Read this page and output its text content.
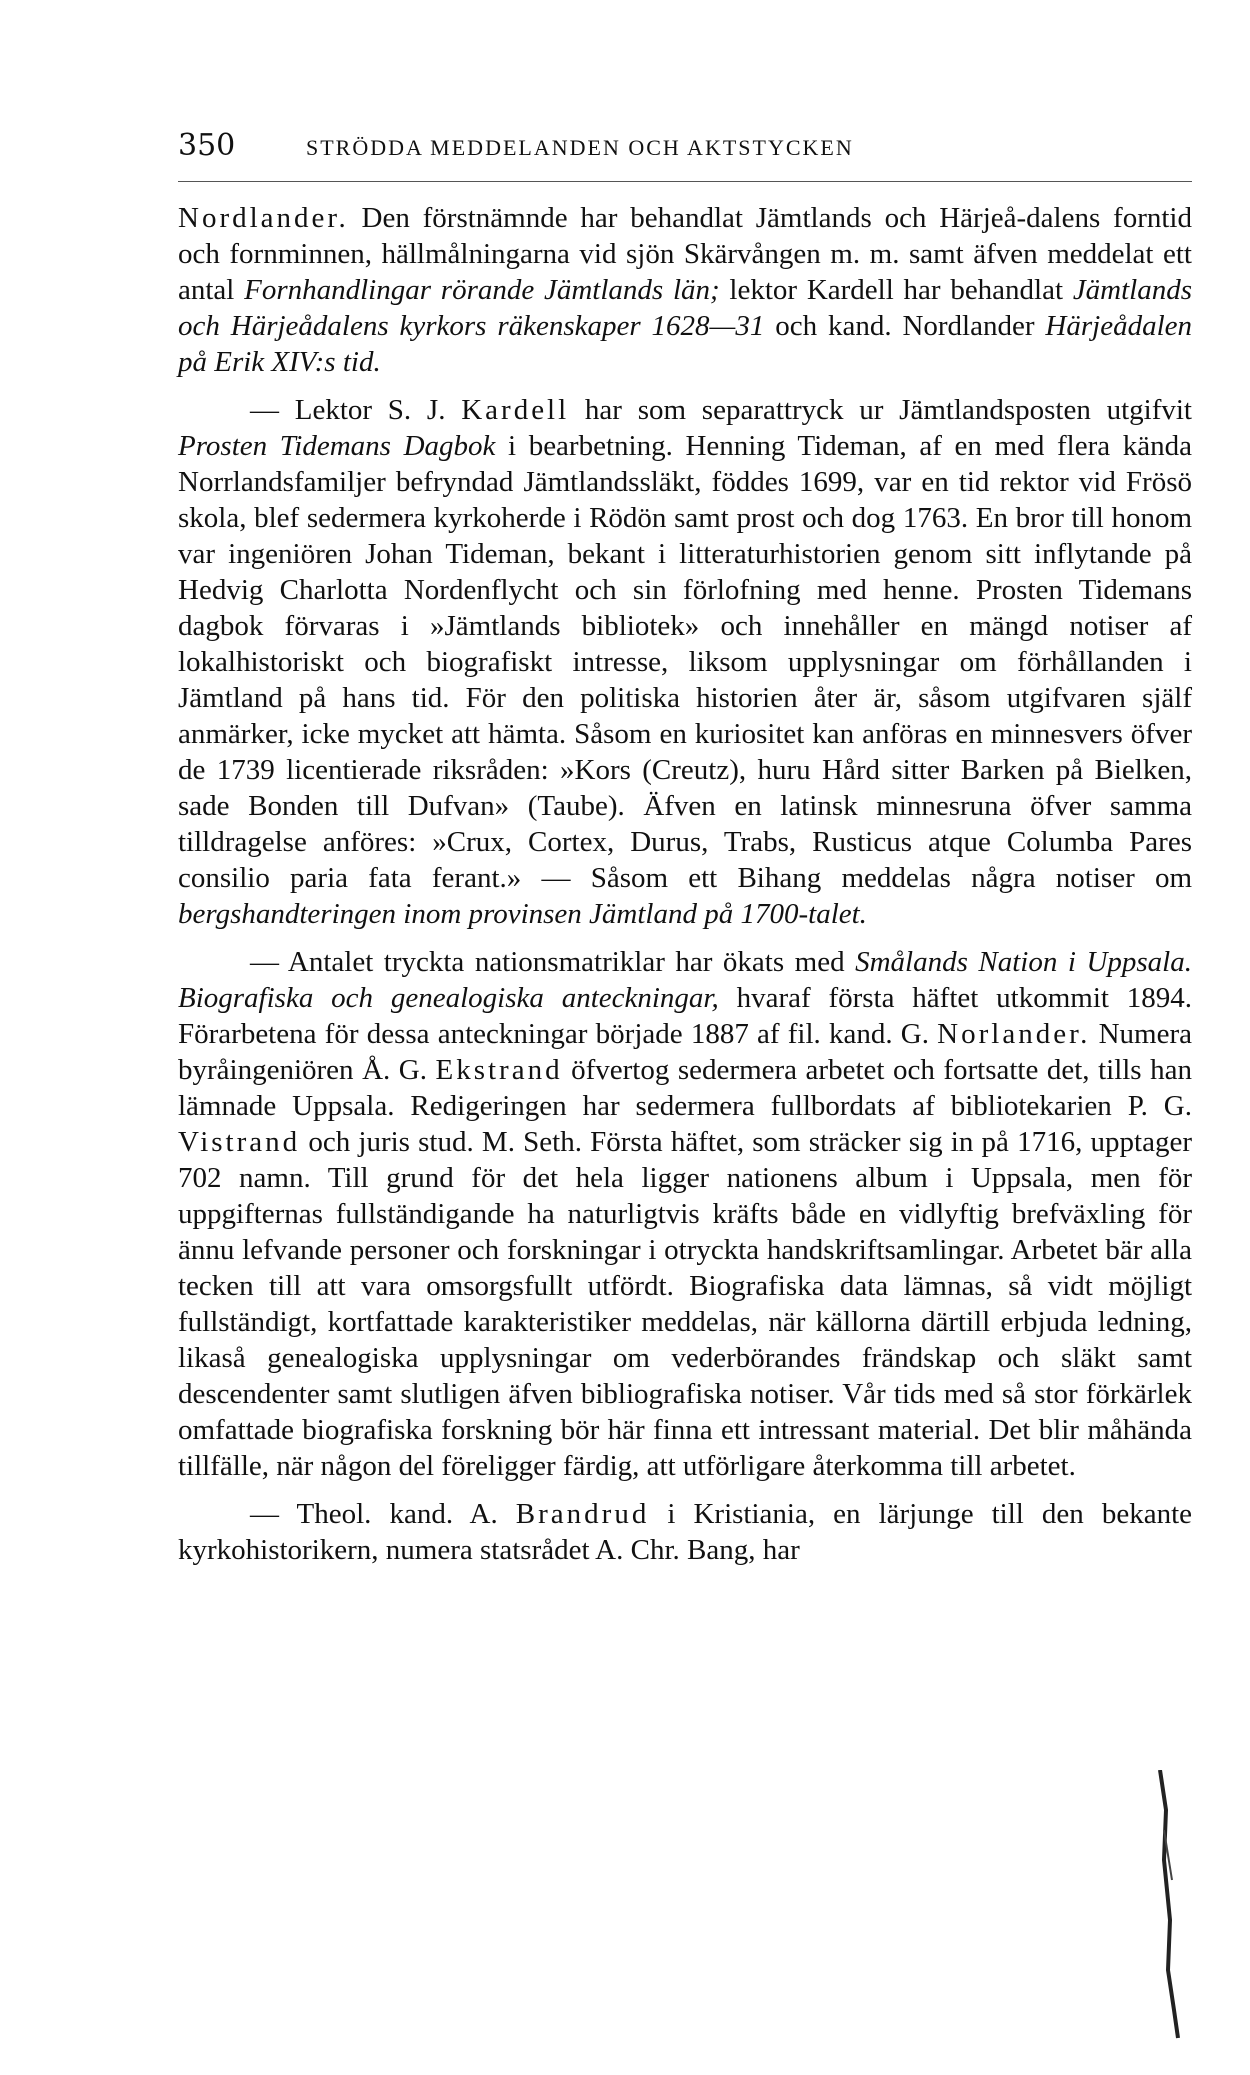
350	STRÖDDA MEDDELANDEN OCH AKTSTYCKEN

Nordlander. Den förstnämnde har behandlat Jämtlands och Härjeå-dalens forntid och fornminnen, hällmålningarna vid sjön Skärvången m. m. samt äfven meddelat ett antal Fornhandlingar rörande Jämtlands län; lektor Kardell har behandlat Jämtlands och Härjeådalens kyrkors räkenskaper 1628—31 och kand. Nordlander Härjeådalen på Erik XIV:s tid.

— Lektor S. J. Kardell har som separattryck ur Jämtlandsposten utgifvit Prosten Tidemans Dagbok i bearbetning. Henning Tideman, af en med flera kända Norrlandsfamiljer befryndad Jämtlandssläkt, föddes 1699, var en tid rektor vid Frösö skola, blef sedermera kyrkoherde i Rödön samt prost och dog 1763. En bror till honom var ingeniören Johan Tideman, bekant i litteraturhistorien genom sitt inflytande på Hedvig Charlotta Nordenflycht och sin förlofning med henne. Prosten Tidemans dagbok förvaras i »Jämtlands bibliotek» och innehåller en mängd notiser af lokalhistoriskt och biografiskt intresse, liksom upplysningar om förhållanden i Jämtland på hans tid. För den politiska historien åter är, såsom utgifvaren själf anmärker, icke mycket att hämta. Såsom en kuriositet kan anföras en minnesvers öfver de 1739 licentierade riksråden: »Kors (Creutz), huru Hård sitter Barken på Bielken, sade Bonden till Dufvan» (Taube). Äfven en latinsk minnesruna öfver samma tilldragelse anföres: »Crux, Cortex, Durus, Trabs, Rusticus atque Columba Pares consilio paria fata ferant.» — Såsom ett Bihang meddelas några notiser om bergshandteringen inom provinsen Jämtland på 1700-talet.

— Antalet tryckta nationsmatriklar har ökats med Smålands Nation i Uppsala. Biografiska och genealogiska anteckningar, hvaraf första häftet utkommit 1894. Förarbetena för dessa anteckningar började 1887 af fil. kand. G. Norlander. Numera byråingeniören Å. G. Ekstrand öfvertog sedermera arbetet och fortsatte det, tills han lämnade Uppsala. Redigeringen har sedermera fullbordats af bibliotekarien P. G. Vistrand och juris stud. M. Seth. Första häftet, som sträcker sig in på 1716, upptager 702 namn. Till grund för det hela ligger nationens album i Uppsala, men för uppgifternas fullständigande ha naturligtvis kräfts både en vidlyftig brefväxling för ännu lefvande personer och forskningar i otryckta handskriftsamlingar. Arbetet bär alla tecken till att vara omsorgsfullt utfördt. Biografiska data lämnas, så vidt möjligt fullständigt, kortfattade karakteristiker meddelas, när källorna därtill erbjuda ledning, likaså genealogiska upplysningar om vederbörandes frändskap och släkt samt descendenter samt slutligen äfven bibliografiska notiser. Vår tids med så stor förkärlek omfattade biografiska forskning bör här finna ett intressant material. Det blir måhända tillfälle, när någon del föreligger färdig, att utförligare återkomma till arbetet.

— Theol. kand. A. Brandrud i Kristiania, en lärjunge till den bekante kyrkohistorikern, numera statsrådet A. Chr. Bang, har
